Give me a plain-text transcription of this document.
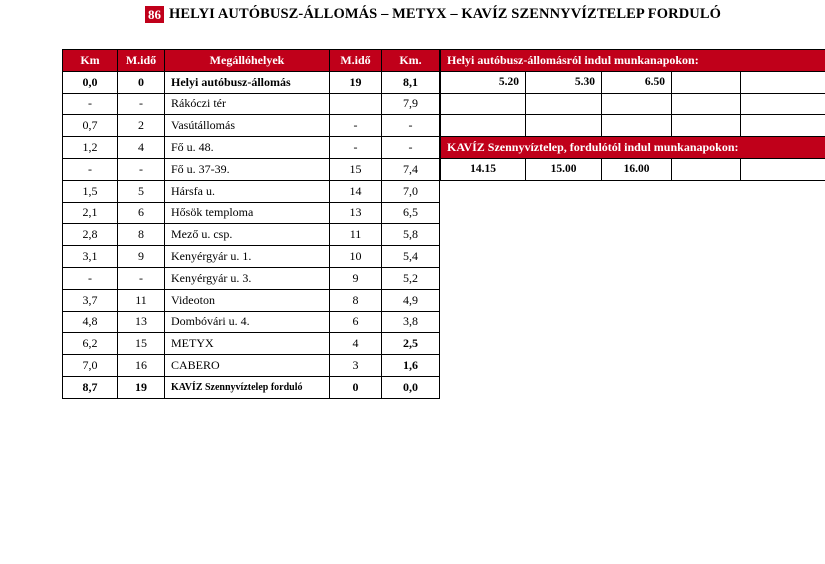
86 HELYI AUTÓBUSZ-ÁLLOMÁS – METYX – KAVÍZ SZENNYVÍZTELEP FORDULÓ
Km	M.idő	Megállóhelyek	M.idő	Km.
0,0	0	Helyi autóbusz-állomás	19	8,1
-	-	Rákóczi tér		7,9
0,7	2	Vasútállomás	-	-
1,2	4	Fő u. 48.	-	-
-	-	Fő u. 37-39.	15	7,4
1,5	5	Hársfa u.	14	7,0
2,1	6	Hősök temploma	13	6,5
2,8	8	Mező u. csp.	11	5,8
3,1	9	Kenyérgyár u. 1.	10	5,4
-	-	Kenyérgyár u. 3.	9	5,2
3,7	11	Videoton	8	4,9
4,8	13	Dombóvári u. 4.	6	3,8
6,2	15	METYX	4	2,5
7,0	16	CABERO	3	1,6
8,7	19	KAVÍZ Szennyvíztelep forduló	0	0,0
Helyi autóbusz-állomásról indul munkanapokon:				
5.20	5.30	6.50		

KAVÍZ Szennyvíztelep, fordulótól indul munkanapokon:				
14.15	15.00	16.00		
